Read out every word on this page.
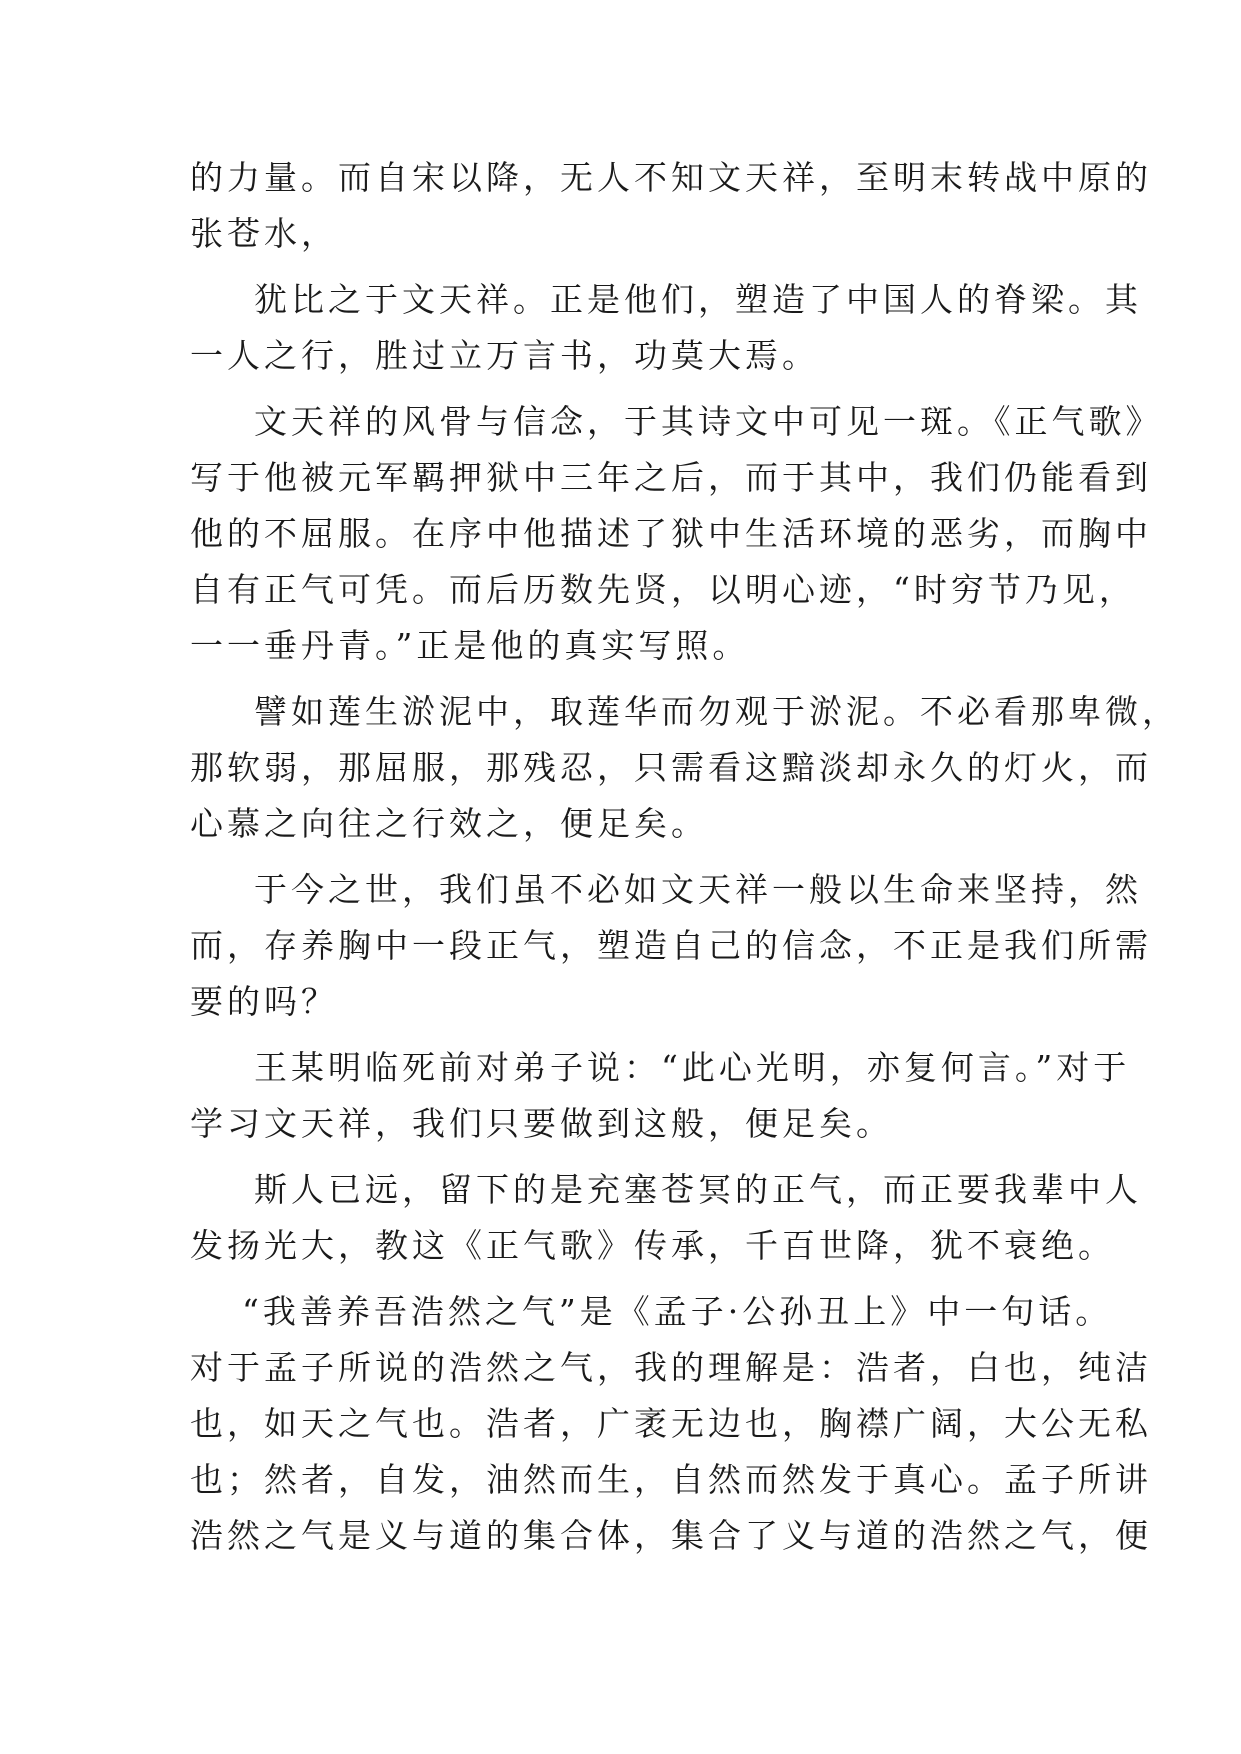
的力量。而自宋以降，无人不知文天祥，至明末转战中原的
张苍水，
犹比之于文天祥。正是他们，塑造了中国人的脊梁。其
一人之行，胜过立万言书，功莫大焉。
文天祥的风骨与信念，于其诗文中可见一斑。《正气歌》
写于他被元军羁押狱中三年之后，而于其中，我们仍能看到
他的不屈服。在序中他描述了狱中生活环境的恶劣，而胸中
自有正气可凭。而后历数先贤，以明心迹，“时穷节乃见，
一一垂丹青。”正是他的真实写照。
譬如莲生淤泥中，取莲华而勿观于淤泥。不必看那卑微，
那软弱，那屈服，那残忍，只需看这黯淡却永久的灯火，而
心慕之向往之行效之，便足矣。
于今之世，我们虽不必如文天祥一般以生命来坚持，然
而，存养胸中一段正气，塑造自己的信念，不正是我们所需
要的吗？
王某明临死前对弟子说：“此心光明，亦复何言。”对于
学习文天祥，我们只要做到这般，便足矣。
斯人已远，留下的是充塞苍冥的正气，而正要我辈中人
发扬光大，教这《正气歌》传承，千百世降，犹不衰绝。
“我善养吾浩然之气”是《孟子·公孙丑上》中一句话。
对于孟子所说的浩然之气，我的理解是：浩者，白也，纯洁
也，如天之气也。浩者，广袤无边也，胸襟广阔，大公无私
也；然者，自发，油然而生，自然而然发于真心。孟子所讲
浩然之气是义与道的集合体，集合了义与道的浩然之气，便
